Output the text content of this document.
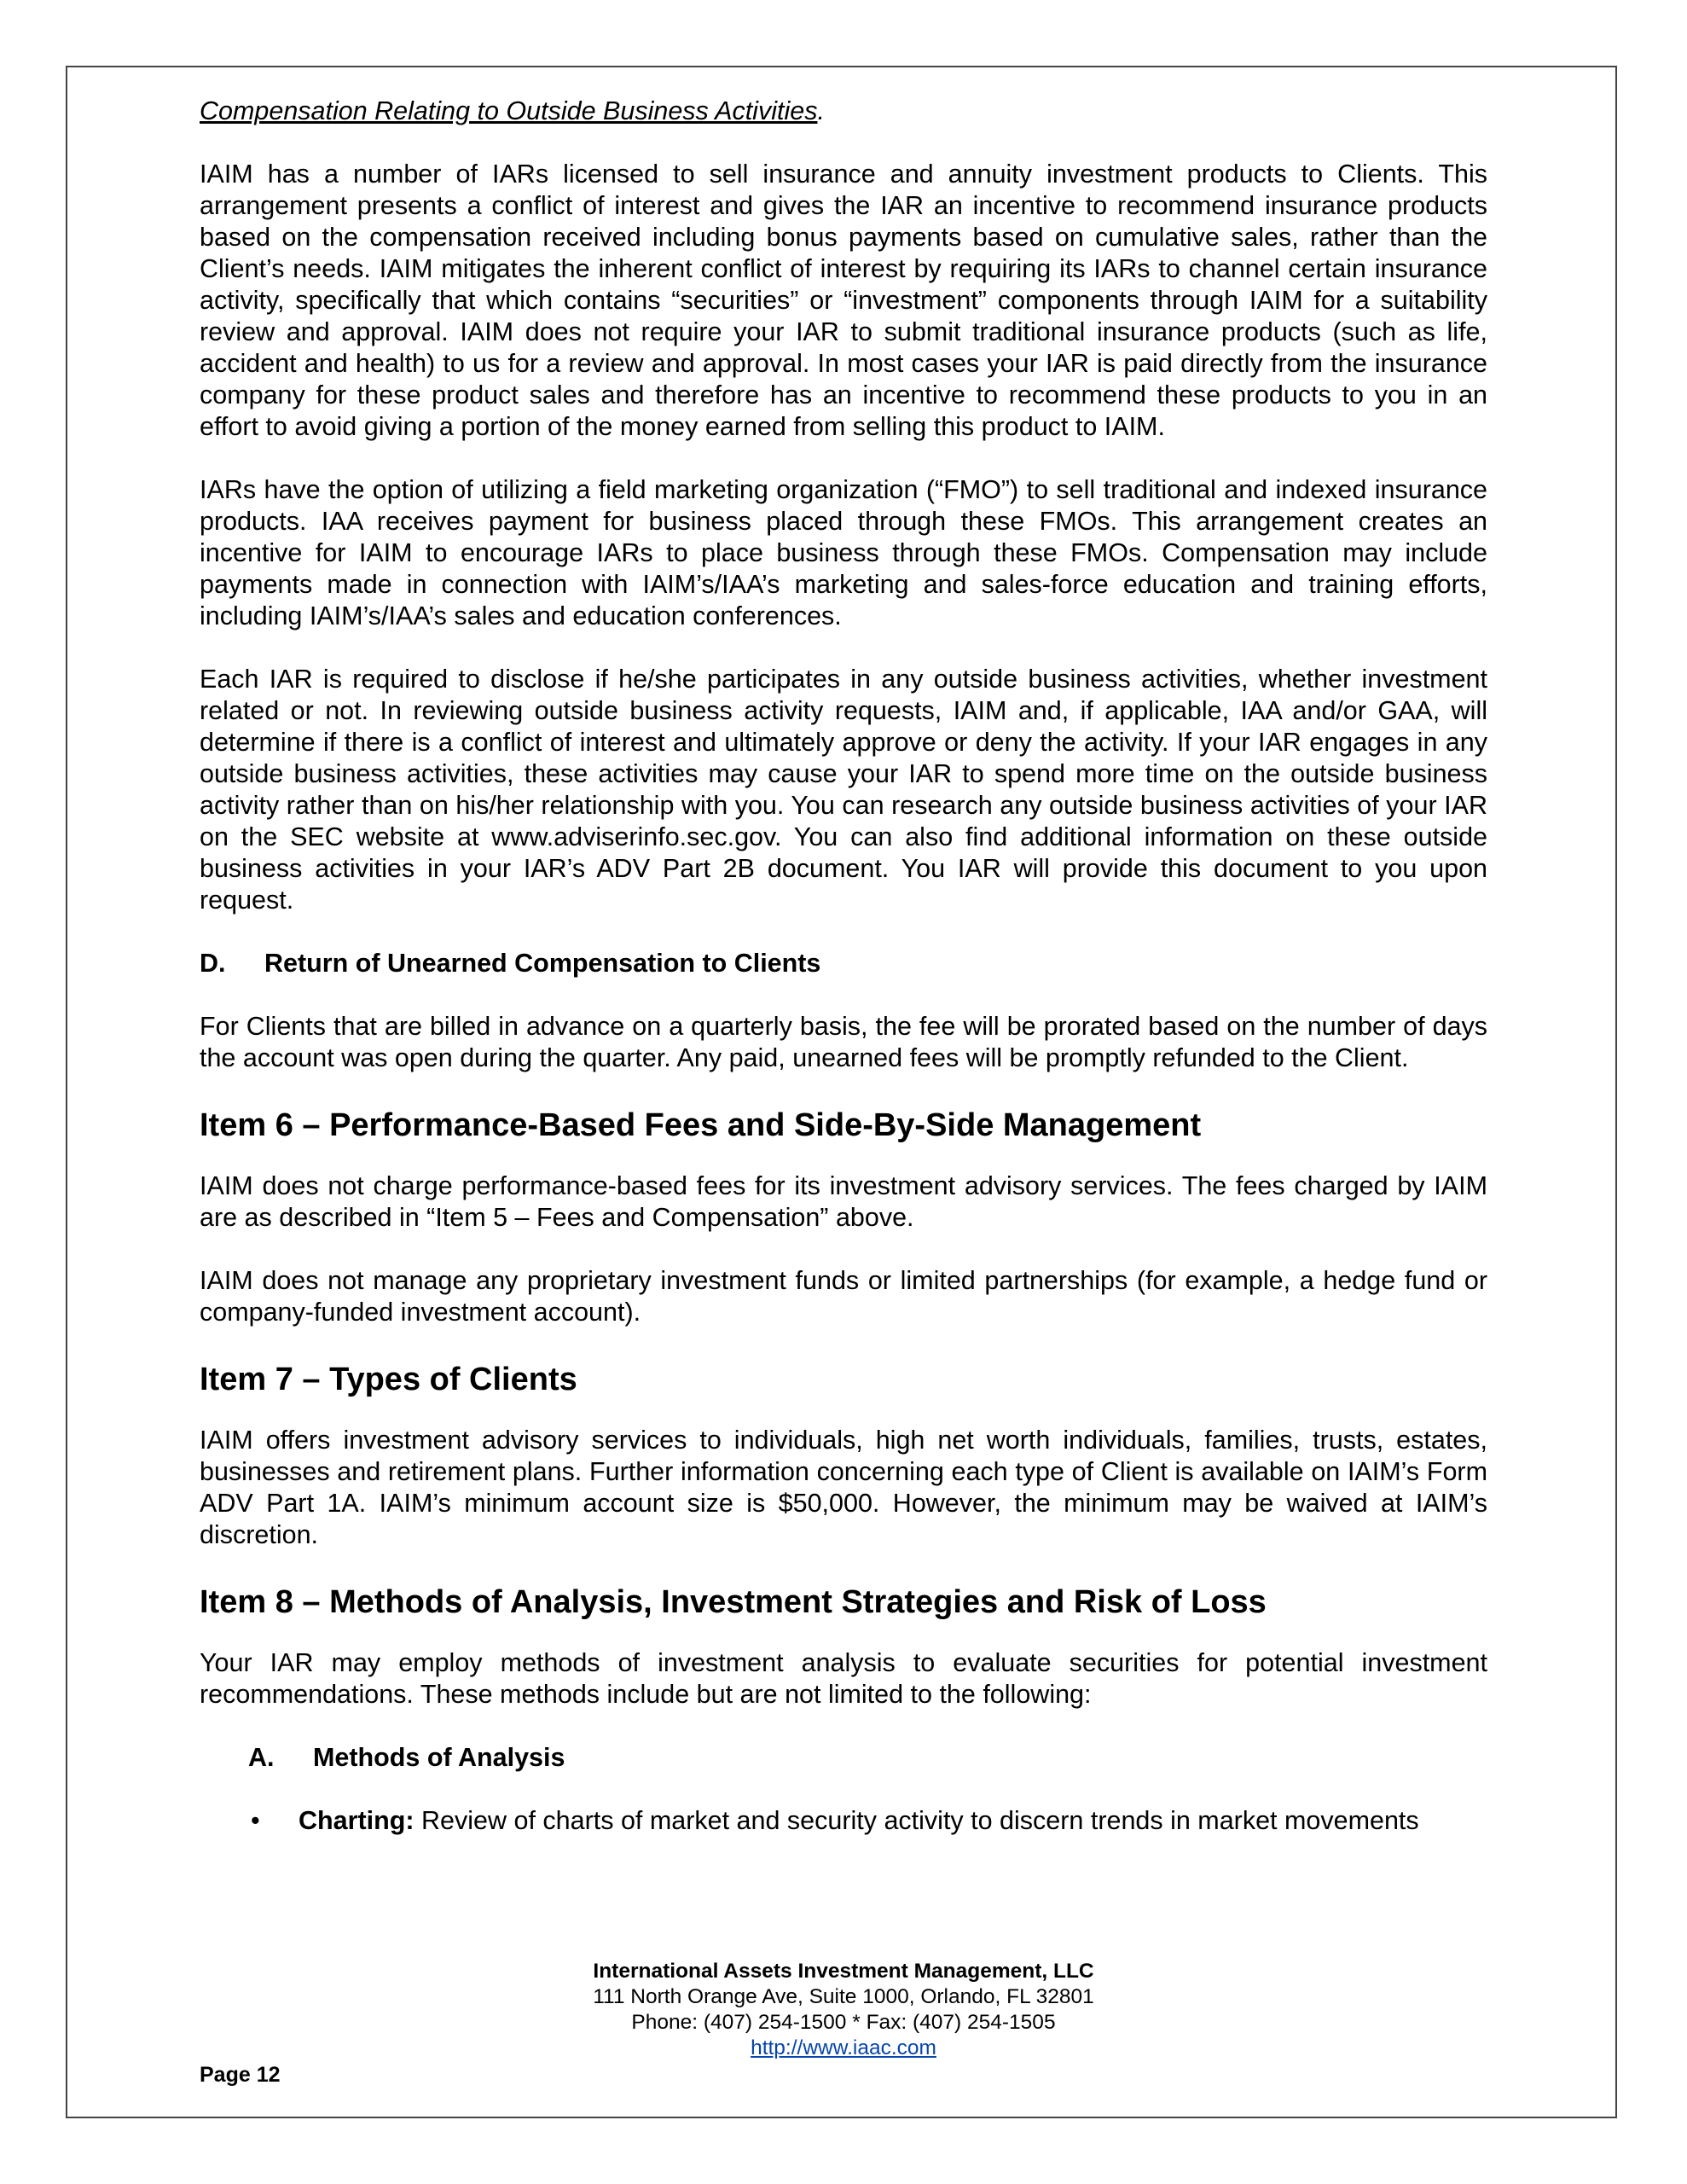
Compensation Relating to Outside Business Activities.

IAIM has a number of IARs licensed to sell insurance and annuity investment products to Clients. This arrangement presents a conflict of interest and gives the IAR an incentive to recommend insurance products based on the compensation received including bonus payments based on cumulative sales, rather than the Client’s needs. IAIM mitigates the inherent conflict of interest by requiring its IARs to channel certain insurance activity, specifically that which contains “securities” or “investment” components through IAIM for a suitability review and approval. IAIM does not require your IAR to submit traditional insurance products (such as life, accident and health) to us for a review and approval. In most cases your IAR is paid directly from the insurance company for these product sales and therefore has an incentive to recommend these products to you in an effort to avoid giving a portion of the money earned from selling this product to IAIM.

IARs have the option of utilizing a field marketing organization (“FMO”) to sell traditional and indexed insurance products. IAA receives payment for business placed through these FMOs. This arrangement creates an incentive for IAIM to encourage IARs to place business through these FMOs. Compensation may include payments made in connection with IAIM’s/IAA’s marketing and sales-force education and training efforts, including IAIM’s/IAA’s sales and education conferences.

Each IAR is required to disclose if he/she participates in any outside business activities, whether investment related or not. In reviewing outside business activity requests, IAIM and, if applicable, IAA and/or GAA, will determine if there is a conflict of interest and ultimately approve or deny the activity. If your IAR engages in any outside business activities, these activities may cause your IAR to spend more time on the outside business activity rather than on his/her relationship with you. You can research any outside business activities of your IAR on the SEC website at www.adviserinfo.sec.gov. You can also find additional information on these outside business activities in your IAR’s ADV Part 2B document. You IAR will provide this document to you upon request.

D. Return of Unearned Compensation to Clients

For Clients that are billed in advance on a quarterly basis, the fee will be prorated based on the number of days the account was open during the quarter. Any paid, unearned fees will be promptly refunded to the Client.

Item 6 – Performance-Based Fees and Side-By-Side Management

IAIM does not charge performance-based fees for its investment advisory services. The fees charged by IAIM are as described in “Item 5 – Fees and Compensation” above.

IAIM does not manage any proprietary investment funds or limited partnerships (for example, a hedge fund or company-funded investment account).

Item 7 – Types of Clients

IAIM offers investment advisory services to individuals, high net worth individuals, families, trusts, estates, businesses and retirement plans. Further information concerning each type of Client is available on IAIM’s Form ADV Part 1A. IAIM’s minimum account size is $50,000. However, the minimum may be waived at IAIM’s discretion.

Item 8 – Methods of Analysis, Investment Strategies and Risk of Loss

Your IAR may employ methods of investment analysis to evaluate securities for potential investment recommendations. These methods include but are not limited to the following:

A. Methods of Analysis
• Charting: Review of charts of market and security activity to discern trends in market movements
International Assets Investment Management, LLC
111 North Orange Ave, Suite 1000, Orlando, FL 32801
Phone: (407) 254-1500 * Fax: (407) 254-1505
http://www.iaac.com
Page 12
